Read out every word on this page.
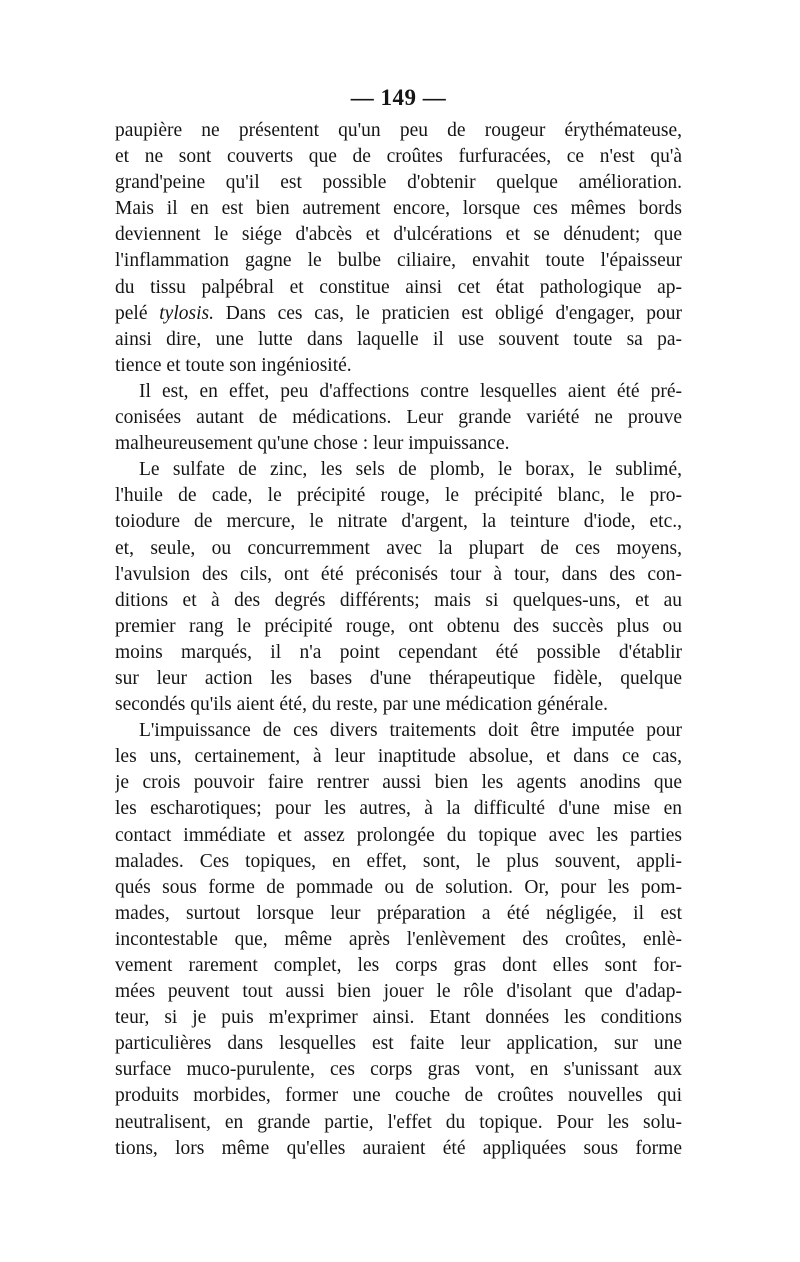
— 149 —
paupière ne présentent qu'un peu de rougeur érythémateuse,
et ne sont couverts que de croûtes furfuracées, ce n'est qu'à
grand'peine qu'il est possible d'obtenir quelque amélioration.
Mais il en est bien autrement encore, lorsque ces mêmes bords
deviennent le siége d'abcès et d'ulcérations et se dénudent; que
l'inflammation gagne le bulbe ciliaire, envahit toute l'épaisseur
du tissu palpébral et constitue ainsi cet état pathologique ap-
pelé tylosis. Dans ces cas, le praticien est obligé d'engager, pour
ainsi dire, une lutte dans laquelle il use souvent toute sa pa-
tience et toute son ingéniosité.
Il est, en effet, peu d'affections contre lesquelles aient été pré-
conisées autant de médications. Leur grande variété ne prouve
malheureusement qu'une chose : leur impuissance.
Le sulfate de zinc, les sels de plomb, le borax, le sublimé,
l'huile de cade, le précipité rouge, le précipité blanc, le pro-
toiodure de mercure, le nitrate d'argent, la teinture d'iode, etc.,
et, seule, ou concurremment avec la plupart de ces moyens,
l'avulsion des cils, ont été préconisés tour à tour, dans des con-
ditions et à des degrés différents; mais si quelques-uns, et au
premier rang le précipité rouge, ont obtenu des succès plus ou
moins marqués, il n'a point cependant été possible d'établir
sur leur action les bases d'une thérapeutique fidèle, quelque
secondés qu'ils aient été, du reste, par une médication générale.
L'impuissance de ces divers traitements doit être imputée pour
les uns, certainement, à leur inaptitude absolue, et dans ce cas,
je crois pouvoir faire rentrer aussi bien les agents anodins que
les escharotiques; pour les autres, à la difficulté d'une mise en
contact immédiate et assez prolongée du topique avec les parties
malades. Ces topiques, en effet, sont, le plus souvent, appli-
qués sous forme de pommade ou de solution. Or, pour les pom-
mades, surtout lorsque leur préparation a été négligée, il est
incontestable que, même après l'enlèvement des croûtes, enlè-
vement rarement complet, les corps gras dont elles sont for-
mées peuvent tout aussi bien jouer le rôle d'isolant que d'adap-
teur, si je puis m'exprimer ainsi. Etant données les conditions
particulières dans lesquelles est faite leur application, sur une
surface muco-purulente, ces corps gras vont, en s'unissant aux
produits morbides, former une couche de croûtes nouvelles qui
neutralisent, en grande partie, l'effet du topique. Pour les solu-
tions, lors même qu'elles auraient été appliquées sous forme
